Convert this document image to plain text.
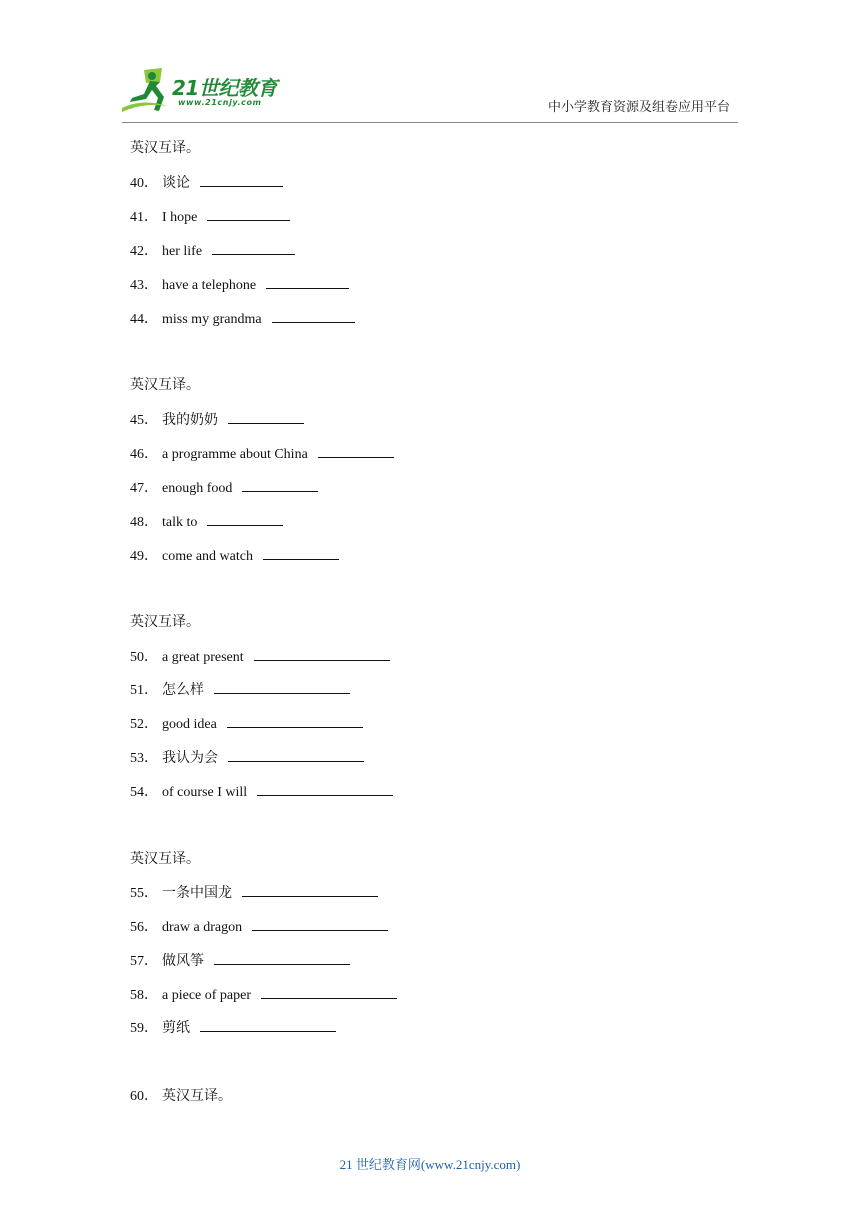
21世纪教育
www.21cnjy.com	中小学教育资源及组卷应用平台
英汉互译。
40． 谈论
41． I hope
42． her life
43． have a telephone
44． miss my grandma
英汉互译。
45． 我的奶奶
46． a programme about China
47． enough food
48． talk to
49． come and watch
英汉互译。
50． a great present
51． 怎么样
52． good idea
53． 我认为会
54． of course I will
英汉互译。
55． 一条中国龙
56． draw a dragon
57． 做风筝
58． a piece of paper
59． 剪纸
60． 英汉互译。
21 世纪教育网(www.21cnjy.com)
